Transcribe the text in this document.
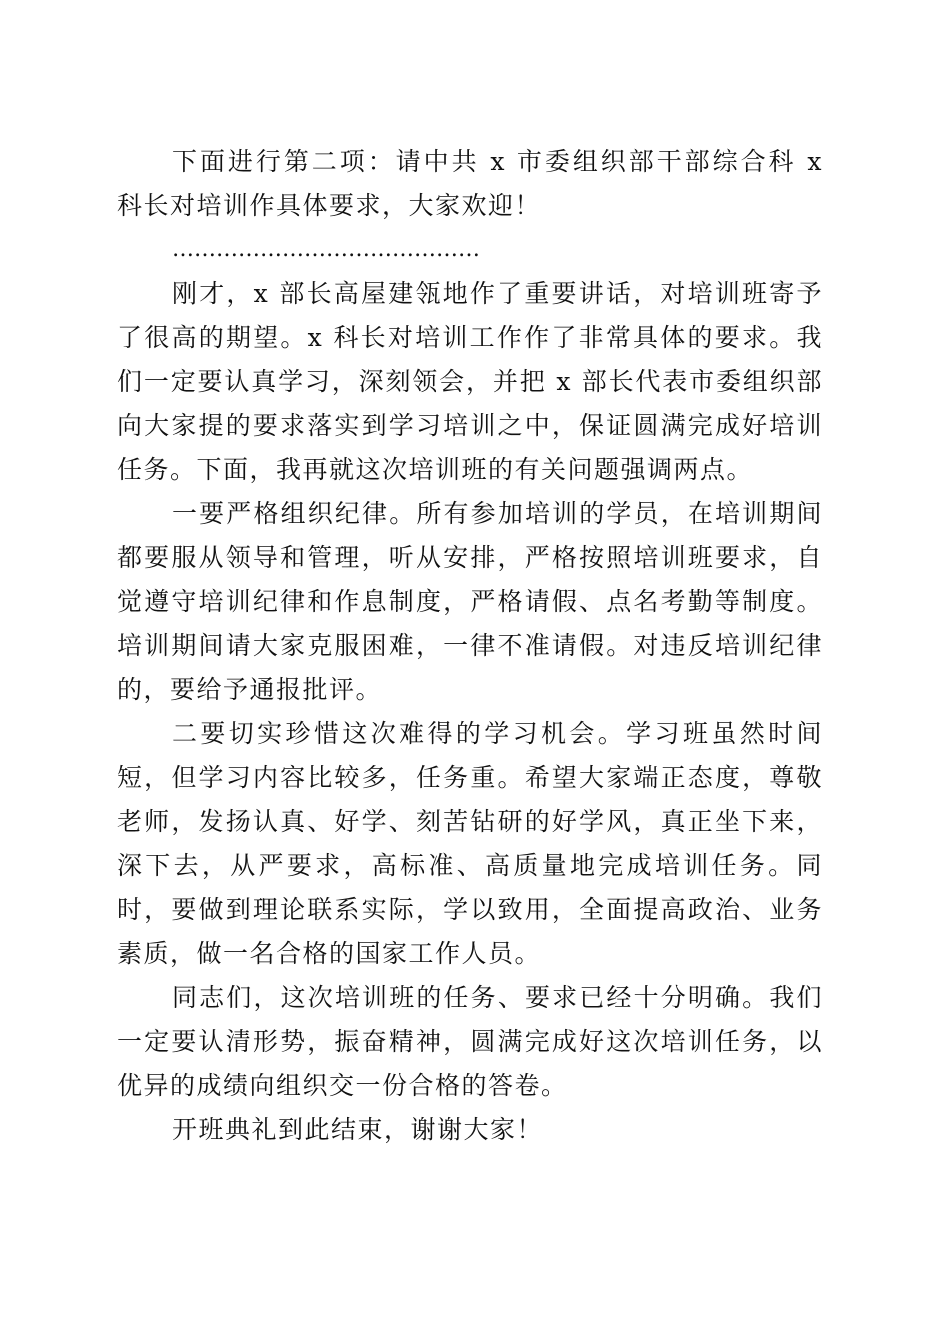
下面进行第二项：请中共 x 市委组织部干部综合科 x 科长对培训作具体要求，大家欢迎！

……………………………………

刚才，x 部长高屋建瓴地作了重要讲话，对培训班寄予了很高的期望。x 科长对培训工作作了非常具体的要求。我们一定要认真学习，深刻领会，并把 x 部长代表市委组织部向大家提的要求落实到学习培训之中，保证圆满完成好培训任务。下面，我再就这次培训班的有关问题强调两点。

一要严格组织纪律。所有参加培训的学员，在培训期间都要服从领导和管理，听从安排，严格按照培训班要求，自觉遵守培训纪律和作息制度，严格请假、点名考勤等制度。培训期间请大家克服困难，一律不准请假。对违反培训纪律的，要给予通报批评。

二要切实珍惜这次难得的学习机会。学习班虽然时间短，但学习内容比较多，任务重。希望大家端正态度，尊敬老师，发扬认真、好学、刻苦钻研的好学风，真正坐下来，深下去，从严要求，高标准、高质量地完成培训任务。同时，要做到理论联系实际，学以致用，全面提高政治、业务素质，做一名合格的国家工作人员。

同志们，这次培训班的任务、要求已经十分明确。我们一定要认清形势，振奋精神，圆满完成好这次培训任务，以优异的成绩向组织交一份合格的答卷。

开班典礼到此结束，谢谢大家！
